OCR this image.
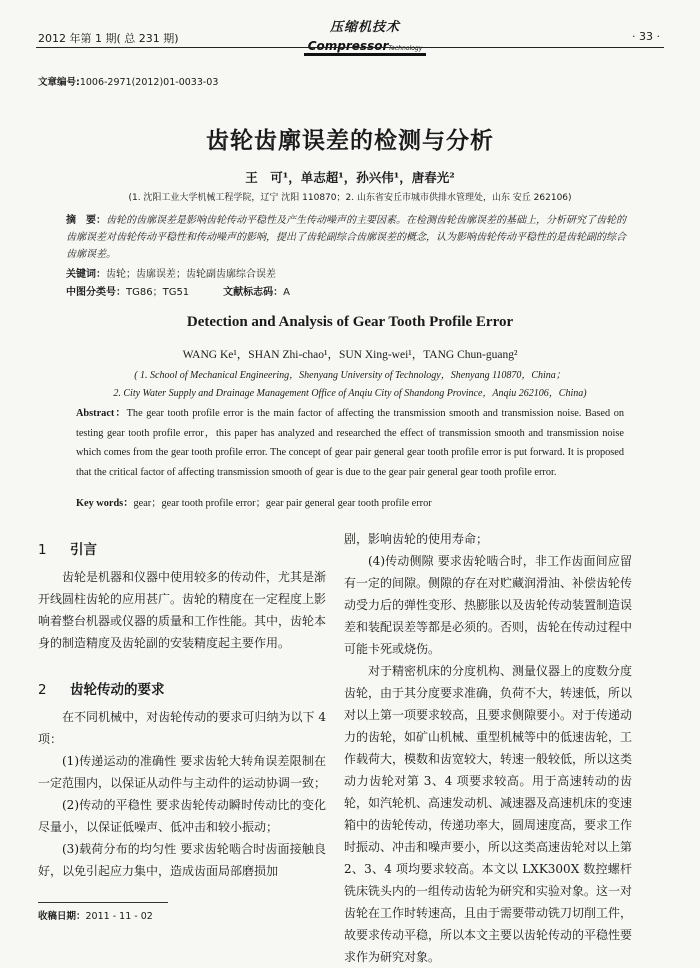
2012 年第 1 期( 总 231 期)
压缩机技术
CompressorTechnology
· 33 ·
文章编号:1006-2971(2012)01-0033-03
齿轮齿廓误差的检测与分析
王　可¹，单志超¹，孙兴伟¹，唐春光²
(1. 沈阳工业大学机械工程学院，辽宁 沈阳 110870；2. 山东省安丘市城市供排水管理处，山东 安丘 262106)
摘　要：齿轮的齿廓误差是影响齿轮传动平稳性及产生传动噪声的主要因素。在检测齿轮齿廓误差的基础上，分析研究了齿轮的齿廓误差对齿轮传动平稳性和传动噪声的影响，提出了齿轮副综合齿廓误差的概念，认为影响齿轮传动平稳性的是齿轮副的综合齿廓误差。
关键词：齿轮；齿廓误差；齿轮副齿廓综合误差
中图分类号：TG86；TG51	文献标志码：A
Detection and Analysis of Gear Tooth Profile Error
WANG Ke¹，SHAN Zhi-chao¹，SUN Xing-wei¹，TANG Chun-guang²
( 1. School of Mechanical Engineering，Shenyang University of Technology，Shenyang 110870，China；
2. City Water Supply and Drainage Management Office of Anqiu City of Shandong Province，Anqiu 262106，China)
Abstract：The gear tooth profile error is the main factor of affecting the transmission smooth and transmission noise. Based on testing gear tooth profile error，this paper has analyzed and researched the effect of transmission smooth and transmission noise which comes from the gear tooth profile error. The concept of gear pair general gear tooth profile error is put forward. It is proposed that the critical factor of affecting transmission smooth of gear is due to the gear pair general gear tooth profile error.
Key words：gear；gear tooth profile error；gear pair general gear tooth profile error
1 引言

齿轮是机器和仪器中使用较多的传动件，尤其是渐开线圆柱齿轮的应用甚广。齿轮的精度在一定程度上影响着整台机器或仪器的质量和工作性能。其中，齿轮本身的制造精度及齿轮副的安装精度起主要作用。

2 齿轮传动的要求

在不同机械中，对齿轮传动的要求可归纳为以下 4 项：

(1)传递运动的准确性 要求齿轮大转角误差限制在一定范围内，以保证从动件与主动件的运动协调一致；

(2)传动的平稳性 要求齿轮传动瞬时传动比的变化尽量小，以保证低噪声、低冲击和较小振动；

(3)载荷分布的均匀性 要求齿轮啮合时齿面接触良好，以免引起应力集中，造成齿面局部磨损加

剧，影响齿轮的使用寿命；

(4)传动侧隙 要求齿轮啮合时，非工作齿面间应留有一定的间隙。侧隙的存在对贮藏润滑油、补偿齿轮传动受力后的弹性变形、热膨胀以及齿轮传动装置制造误差和装配误差等都是必须的。否则，齿轮在传动过程中可能卡死或烧伤。

对于精密机床的分度机构、测量仪器上的度数分度齿轮，由于其分度要求准确，负荷不大，转速低，所以对以上第一项要求较高，且要求侧隙要小。对于传递动力的齿轮，如矿山机械、重型机械等中的低速齿轮，工作载荷大，模数和齿宽较大，转速一般较低，所以这类动力齿轮对第 3、4 项要求较高。用于高速转动的齿轮，如汽轮机、高速发动机、减速器及高速机床的变速箱中的齿轮传动，传递功率大，圆周速度高，要求工作时振动、冲击和噪声要小，所以这类高速齿轮对以上第 2、3、4 项均要求较高。本文以 LXK300X 数控螺杆铣床铣头内的一组传动齿轮为研究和实验对象。这一对齿轮在工作时转速高，且由于需要带动铣刀切削工件，故要求传动平稳，所以本文主要以齿轮传动的平稳性要求作为研究对象。

收稿日期：2011 - 11 - 02
